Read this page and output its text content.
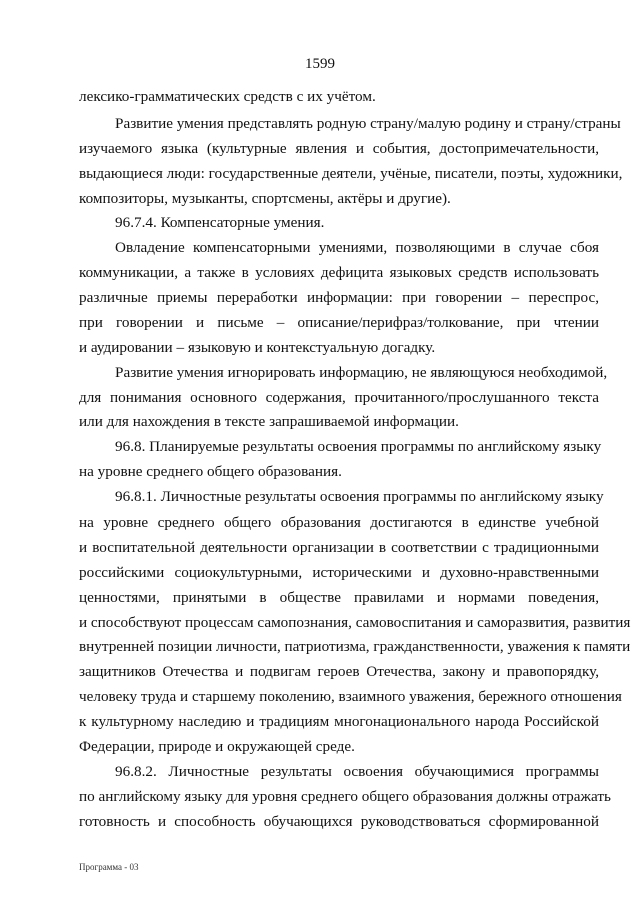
1599
лексико-грамматических средств с их учётом.
Развитие умения представлять родную страну/малую родину и страну/страны
изучаемого языка (культурные явления и события, достопримечательности,
выдающиеся люди: государственные деятели, учёные, писатели, поэты, художники,
композиторы, музыканты, спортсмены, актёры и другие).
96.7.4. Компенсаторные умения.
Овладение компенсаторными умениями, позволяющими в случае сбоя
коммуникации, а также в условиях дефицита языковых средств использовать
различные приемы переработки информации: при говорении – переспрос,
при говорении и письме – описание/перифраз/толкование, при чтении
и аудировании – языковую и контекстуальную догадку.
Развитие умения игнорировать информацию, не являющуюся необходимой,
для понимания основного содержания, прочитанного/прослушанного текста
или для нахождения в тексте запрашиваемой информации.
96.8. Планируемые результаты освоения программы по английскому языку
на уровне среднего общего образования.
96.8.1. Личностные результаты освоения программы по английскому языку
на уровне среднего общего образования достигаются в единстве учебной
и воспитательной деятельности организации в соответствии с традиционными
российскими социокультурными, историческими и духовно-нравственными
ценностями, принятыми в обществе правилами и нормами поведения,
и способствуют процессам самопознания, самовоспитания и саморазвития, развития
внутренней позиции личности, патриотизма, гражданственности, уважения к памяти
защитников Отечества и подвигам героев Отечества, закону и правопорядку,
человеку труда и старшему поколению, взаимного уважения, бережного отношения
к культурному наследию и традициям многонационального народа Российской
Федерации, природе и окружающей среде.
96.8.2. Личностные результаты освоения обучающимися программы
по английскому языку для уровня среднего общего образования должны отражать
готовность и способность обучающихся руководствоваться сформированной
Программа - 03
